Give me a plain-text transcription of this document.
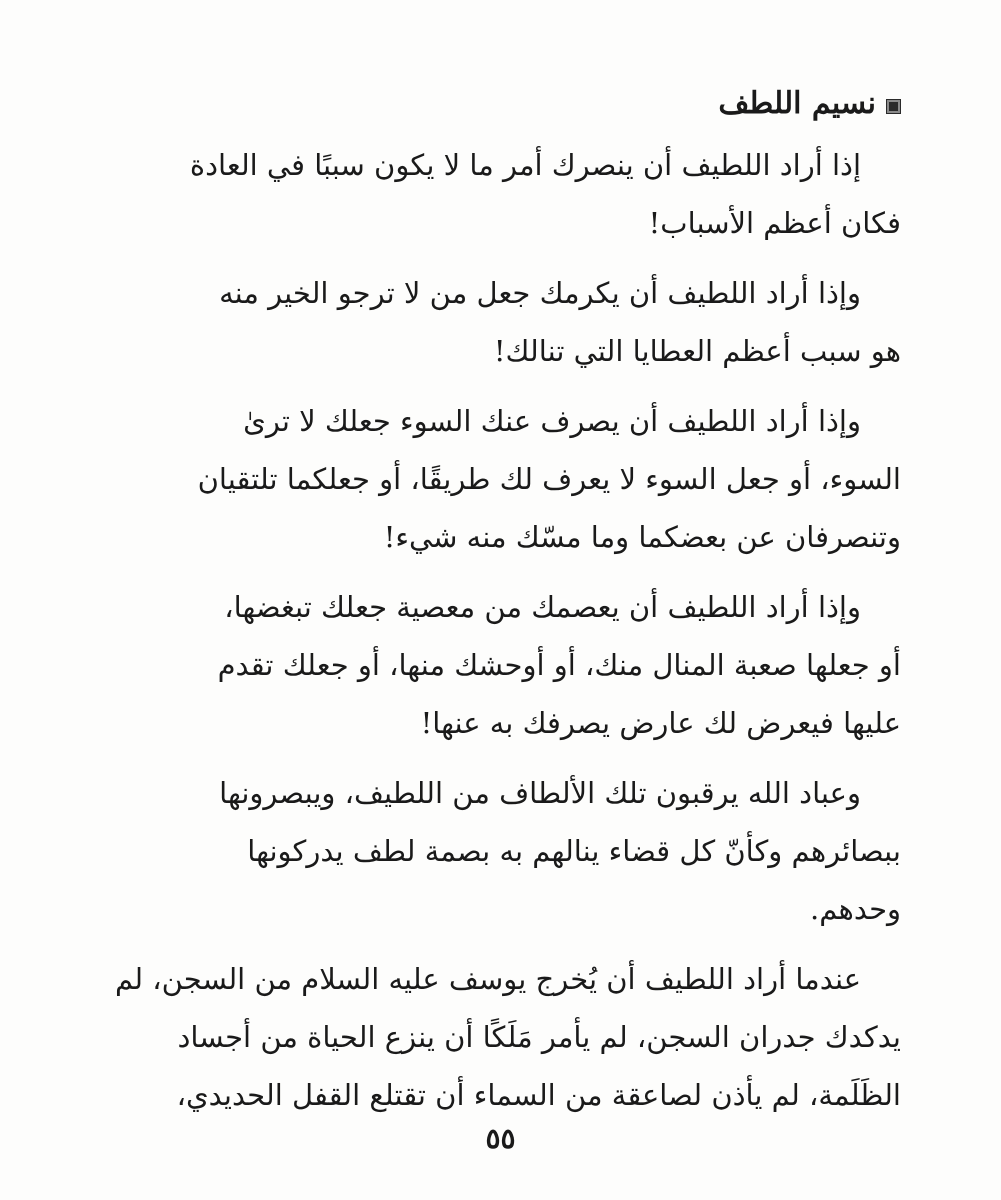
نسيم اللطف
إذا أراد اللطيف أن ينصرك أمر ما لا يكون سببًا في العادة
فكان أعظم الأسباب!
وإذا أراد اللطيف أن يكرمك جعل من لا ترجو الخير منه
هو سبب أعظم العطايا التي تنالك!
وإذا أراد اللطيف أن يصرف عنك السوء جعلك لا ترىٰ
السوء، أو جعل السوء لا يعرف لك طريقًا، أو جعلكما تلتقيان
وتنصرفان عن بعضكما وما مسّك منه شيء!
وإذا أراد اللطيف أن يعصمك من معصية جعلك تبغضها،
أو جعلها صعبة المنال منك، أو أوحشك منها، أو جعلك تقدم
عليها فيعرض لك عارض يصرفك به عنها!
وعباد الله يرقبون تلك الألطاف من اللطيف، ويبصرونها
ببصائرهم وكأنّ كل قضاء ينالهم به بصمة لطف يدركونها
وحدهم.
عندما أراد اللطيف أن يُخرج يوسف عليه السلام من السجن، لم
يدكدك جدران السجن، لم يأمر مَلَكًا أن ينزع الحياة من أجساد
الظَلَمة، لم يأذن لصاعقة من السماء أن تقتلع القفل الحديدي،
٥٥
